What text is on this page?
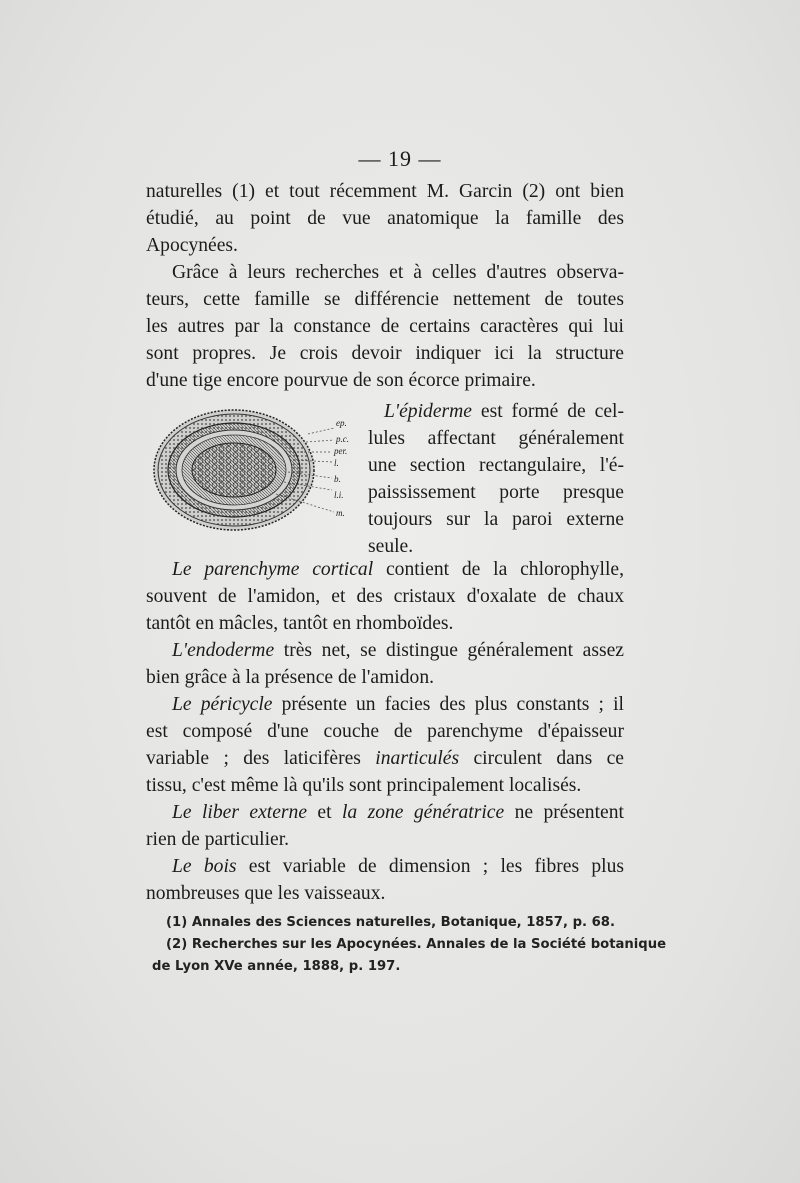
— 19 —
naturelles (1) et tout récemment M. Garcin (2) ont bien
étudié, au point de vue anatomique la famille des
Apocynées.
Grâce à leurs recherches et à celles d'autres observa-
teurs, cette famille se différencie nettement de toutes
les autres par la constance de certains caractères qui lui
sont propres. Je crois devoir indiquer ici la structure
d'une tige encore pourvue de son écorce primaire.
ep.
p.c.
per.
l.
b.
l.i.
m.
L'épiderme est formé de cel-
lules affectant généralement
une section rectangulaire, l'é-
paississement porte presque
toujours sur la paroi externe
seule.
Le parenchyme cortical contient de la chlorophylle,
souvent de l'amidon, et des cristaux d'oxalate de chaux
tantôt en mâcles, tantôt en rhomboïdes.
L'endoderme très net, se distingue généralement assez
bien grâce à la présence de l'amidon.
Le péricycle présente un facies des plus constants ; il
est composé d'une couche de parenchyme d'épaisseur
variable ; des laticifères inarticulés circulent dans ce
tissu, c'est même là qu'ils sont principalement localisés.
Le liber externe et la zone génératrice ne présentent
rien de particulier.
Le bois est variable de dimension ; les fibres plus
nombreuses que les vaisseaux.
(1) Annales des Sciences naturelles, Botanique, 1857, p. 68.
(2) Recherches sur les Apocynées. Annales de la Société botanique
de Lyon XVe année, 1888, p. 197.
